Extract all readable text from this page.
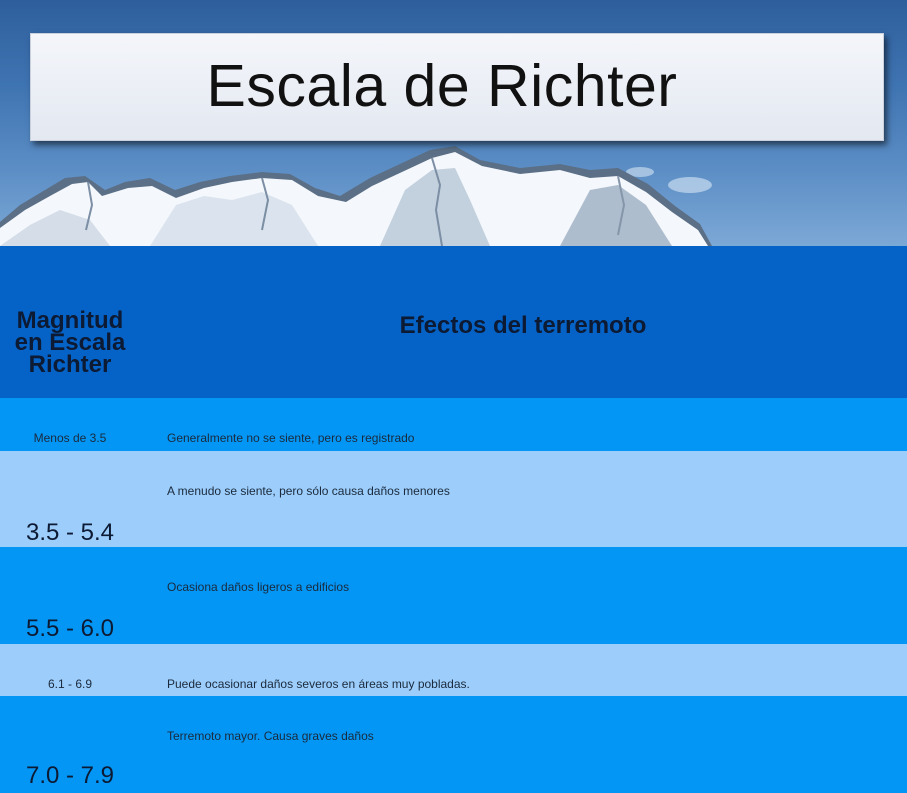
Escala de Richter
Magnitud en Escala Richter
Efectos del terremoto
Menos de 3.5	Generalmente no se siente, pero es registrado
3.5 - 5.4
A menudo se siente, pero sólo causa daños menores
5.5 - 6.0
Ocasiona daños ligeros a edificios
6.1 - 6.9	Puede ocasionar daños severos en áreas muy pobladas.
7.0 - 7.9
Terremoto mayor. Causa graves daños
